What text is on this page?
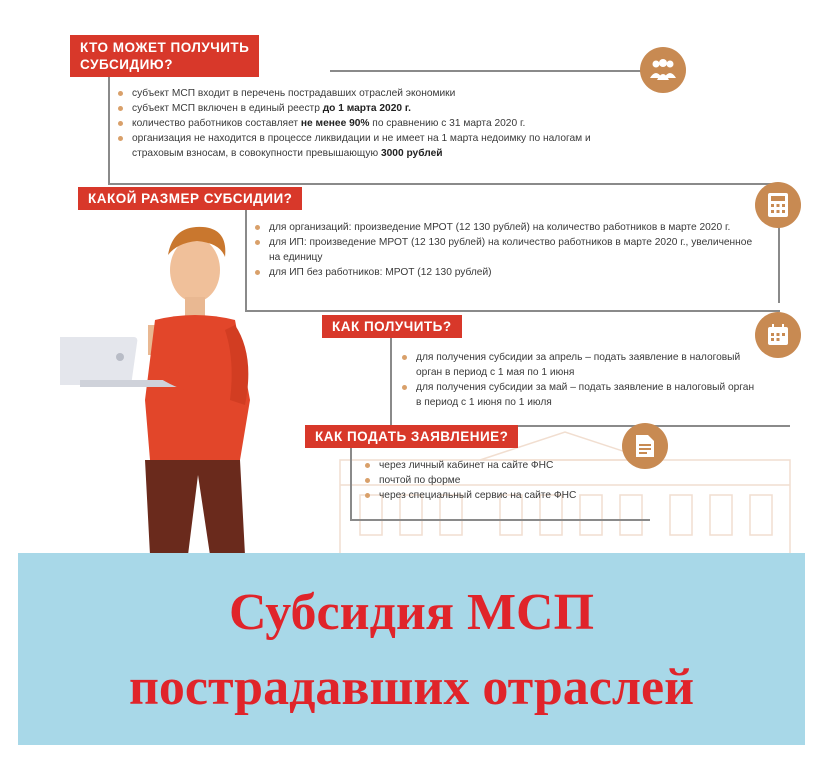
КТО МОЖЕТ ПОЛУЧИТЬ
СУБСИДИЮ?
субъект МСП входит в перечень пострадавших отраслей экономики
субъект МСП включен в единый реестр до 1 марта 2020 г.
количество работников составляет не менее 90% по сравнению с 31 марта 2020 г.
организация не находится в процессе ликвидации и не имеет на 1 марта недоимку по налогам и страховым взносам, в совокупности превышающую 3000 рублей
КАКОЙ РАЗМЕР СУБСИДИИ?
для организаций: произведение МРОТ (12 130 рублей) на количество работников в марте 2020 г.
для ИП: произведение МРОТ (12 130 рублей) на количество работников в марте 2020 г., увеличенное на единицу
для ИП без работников: МРОТ (12 130 рублей)
КАК ПОЛУЧИТЬ?
для получения субсидии за апрель – подать заявление в налоговый орган в период с 1 мая по 1 июня
для получения субсидии за май – подать заявление в налоговый орган в период с 1 июня по 1 июля
КАК ПОДАТЬ ЗАЯВЛЕНИЕ?
через личный кабинет на сайте ФНС
почтой по форме
через специальный сервис на сайте ФНС
Субсидия МСП
пострадавших отраслей
